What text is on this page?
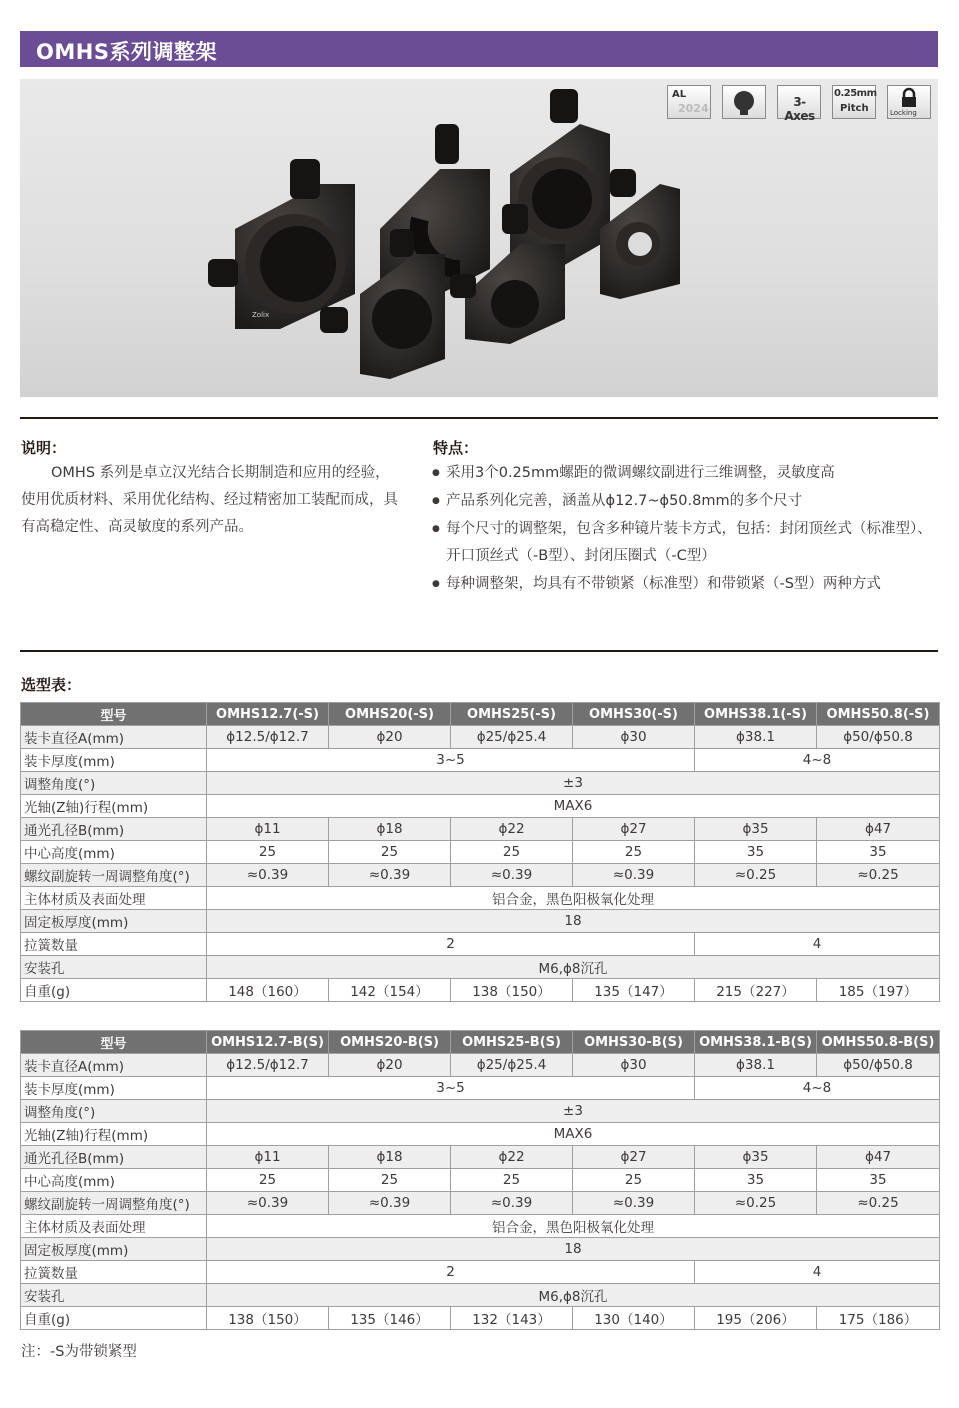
OMHS系列调整架
Zolix
AL
2024	3-Axes
0.25mm
Pitch	Locking
说明：
OMHS 系列是卓立汉光结合长期制造和应用的经验，使用优质材料、采用优化结构、经过精密加工装配而成，具有高稳定性、高灵敏度的系列产品。
特点：
● 采用3个0.25mm螺距的微调螺纹副进行三维调整，灵敏度高
● 产品系列化完善，涵盖从ϕ12.7~ϕ50.8mm的多个尺寸
● 每个尺寸的调整架，包含多种镜片装卡方式，包括：封闭顶丝式（标准型）、开口顶丝式（-B型）、封闭压圈式（-C型）
● 每种调整架，均具有不带锁紧（标准型）和带锁紧（-S型）两种方式
选型表：
型号	OMHS12.7(-S)	OMHS20(-S)	OMHS25(-S)	OMHS30(-S)	OMHS38.1(-S)	OMHS50.8(-S)
装卡直径A(mm)	ϕ12.5/ϕ12.7	ϕ20	ϕ25/ϕ25.4	ϕ30	ϕ38.1	ϕ50/ϕ50.8
装卡厚度(mm)	3~5				4~8	
调整角度(°)	±3					
光轴(Z轴)行程(mm)	MAX6					
通光孔径B(mm)	ϕ11	ϕ18	ϕ22	ϕ27	ϕ35	ϕ47
中心高度(mm)	25	25	25	25	35	35
螺纹副旋转一周调整角度(°)	≈0.39	≈0.39	≈0.39	≈0.39	≈0.25	≈0.25
主体材质及表面处理	铝合金，黑色阳极氧化处理					
固定板厚度(mm)	18					
拉簧数量	2				4	
安装孔	M6,ϕ8沉孔					
自重(g)	148（160）	142（154）	138（150）	135（147）	215（227）	185（197）
型号	OMHS12.7-B(S)	OMHS20-B(S)	OMHS25-B(S)	OMHS30-B(S)	OMHS38.1-B(S)	OMHS50.8-B(S)
装卡直径A(mm)	ϕ12.5/ϕ12.7	ϕ20	ϕ25/ϕ25.4	ϕ30	ϕ38.1	ϕ50/ϕ50.8
装卡厚度(mm)	3~5				4~8	
调整角度(°)	±3					
光轴(Z轴)行程(mm)	MAX6					
通光孔径B(mm)	ϕ11	ϕ18	ϕ22	ϕ27	ϕ35	ϕ47
中心高度(mm)	25	25	25	25	35	35
螺纹副旋转一周调整角度(°)	≈0.39	≈0.39	≈0.39	≈0.39	≈0.25	≈0.25
主体材质及表面处理	铝合金，黑色阳极氧化处理					
固定板厚度(mm)	18					
拉簧数量	2				4	
安装孔	M6,ϕ8沉孔					
自重(g)	138（150）	135（146）	132（143）	130（140）	195（206）	175（186）
注：-S为带锁紧型
